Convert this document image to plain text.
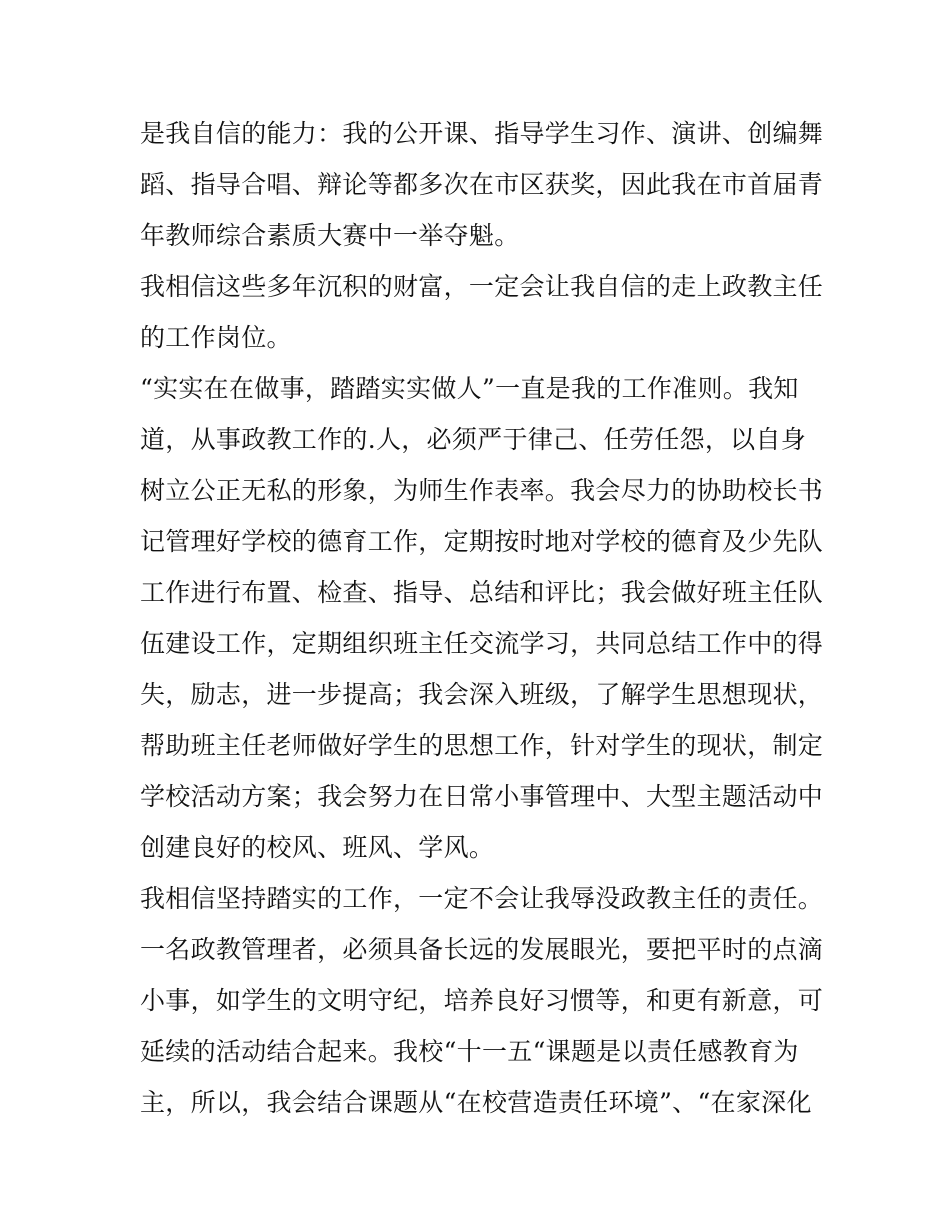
是我自信的能力：我的公开课、指导学生习作、演讲、创编舞
蹈、指导合唱、辩论等都多次在市区获奖，因此我在市首届青
年教师综合素质大赛中一举夺魁。
我相信这些多年沉积的财富，一定会让我自信的走上政教主任
的工作岗位。
“实实在在做事，踏踏实实做人”一直是我的工作准则。我知
道，从事政教工作的.人，必须严于律己、任劳任怨，以自身
树立公正无私的形象，为师生作表率。我会尽力的协助校长书
记管理好学校的德育工作，定期按时地对学校的德育及少先队
工作进行布置、检查、指导、总结和评比；我会做好班主任队
伍建设工作，定期组织班主任交流学习，共同总结工作中的得
失，励志，进一步提高；我会深入班级，了解学生思想现状，
帮助班主任老师做好学生的思想工作，针对学生的现状，制定
学校活动方案；我会努力在日常小事管理中、大型主题活动中
创建良好的校风、班风、学风。
我相信坚持踏实的工作，一定不会让我辱没政教主任的责任。
一名政教管理者，必须具备长远的发展眼光，要把平时的点滴
小事，如学生的文明守纪，培养良好习惯等，和更有新意，可
延续的活动结合起来。我校“十一五“课题是以责任感教育为
主，所以，我会结合课题从“在校营造责任环境”、“在家深化
